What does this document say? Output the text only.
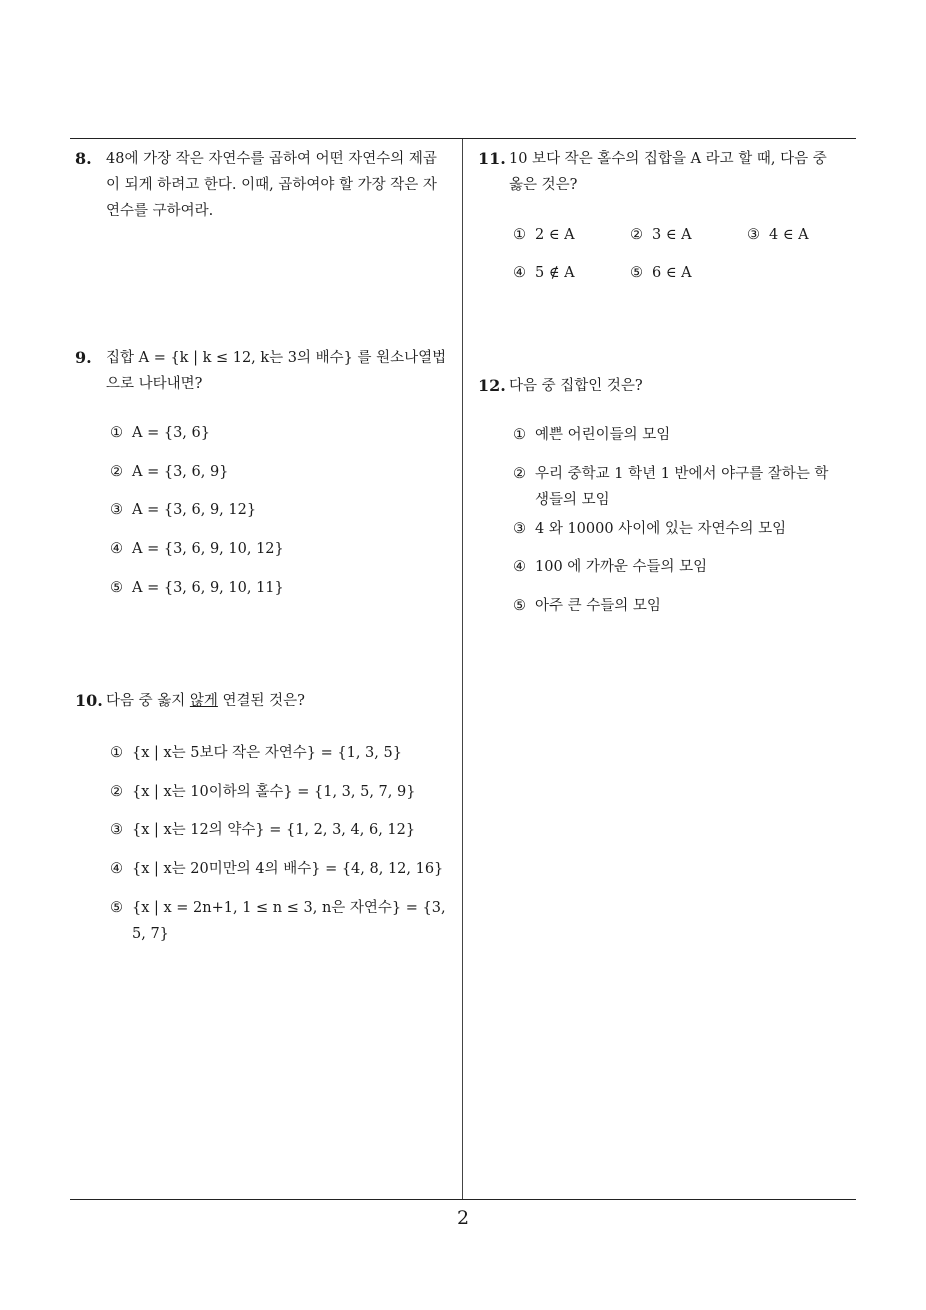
8. 48에 가장 작은 자연수를 곱하여 어떤 자연수의 제곱
이 되게 하려고 한다. 이때, 곱하여야 할 가장 작은 자
연수를 구하여라.
9. 집합 A = {k | k ≤ 12, k는 3의 배수} 를 원소나열법
으로 나타내면?
① A = {3, 6}
② A = {3, 6, 9}
③ A = {3, 6, 9, 12}
④ A = {3, 6, 9, 10, 12}
⑤ A = {3, 6, 9, 10, 11}
10. 다음 중 옳지 않게 연결된 것은?
① {x | x는 5보다 작은 자연수} = {1, 3, 5}
② {x | x는 10이하의 홀수} = {1, 3, 5, 7, 9}
③ {x | x는 12의 약수} = {1, 2, 3, 4, 6, 12}
④ {x | x는 20미만의 4의 배수} = {4, 8, 12, 16}
⑤ {x | x = 2n+1, 1 ≤ n ≤ 3, n은 자연수} = {3,
5, 7}
11. 10 보다 작은 홀수의 집합을 A 라고 할 때, 다음 중
옳은 것은?
① 2 ∈ A	② 3 ∈ A	③ 4 ∈ A
④ 5 ∉ A	⑤ 6 ∈ A
12. 다음 중 집합인 것은?
① 예쁜 어린이들의 모임
② 우리 중학교 1 학년 1 반에서 야구를 잘하는 학
생들의 모임
③ 4 와 10000 사이에 있는 자연수의 모임
④ 100 에 가까운 수들의 모임
⑤ 아주 큰 수들의 모임
2
